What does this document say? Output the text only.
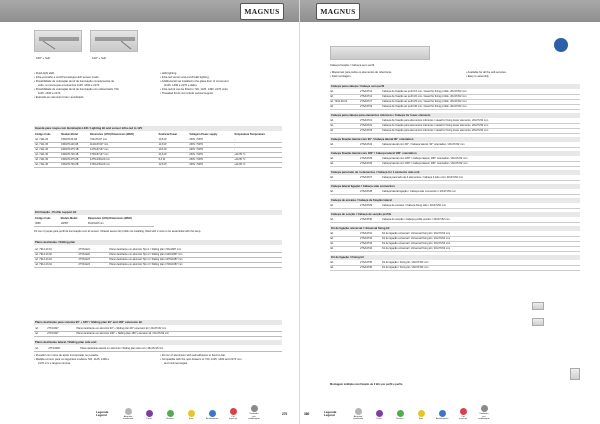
MAGNUS
180° + Soft	120° + Soft
• Flush-light LED.
• Infra-vermelho e on/off tecnologia LED 'sensor mode.
• Possibilidade de colocação de kit de iluminação complementar de
vidro, a mosca-que-movimentos 1125, 1490 e 2170.
• Possibilidade de colocação de kit de iluminação com alimentador 720,
1125, 1490 e 2170.
• Extrusão em alumínio bruto / anodizado.
• LED lighting.
• Infra-red sensor and on/off LED lighting.
• Additional kit set installed in the glass door of movement.
(1125, 1490 e 2170 e slide).
• Infra-red kit can be fitted to 720, 1125, 1490, 2170 units.
• Threaded lid do not include vertical support.
Gaveta para roupa com iluminação LED / Lighting kit and sensor infra-red to 12V
Código Code	Modelo Model	Dimensões (LPH) Dimensions (WHD)	Potência Power	Voltagem Power supply	Temperatura Temperature
ref. 7111.26	FDD27120.1B	720x37x67 mm	10,8 W	230V / 50Hz	-
ref. 7111.36	FDD271120.1B	1120x37x67 mm	14,8 W	230V / 50Hz	-
ref. 7111.36	FDD271475.1B	1475x37x67 mm	19,6 W	230V / 50Hz	-
ref. 7111.36	FDD271700.1B	1700x37x67 mm	24,6 W	230V / 50Hz	+21/35 °C
ref. 7111.36	FDD271475.2B	1475x135x23 mm	8,4 W	230V / 50Hz	+21/35 °C
ref. 7111.36	FDD271700.2B	1700x135x23 mm	12,8 W	230V / 50Hz	+21/35 °C
Kit Fixação - Profile support kit
Código Code	Modelo Model	Dimensões (LPH) Dimensions (WHD)
3058	14PBT	35x15x18 mm
Kit com 2 peças para perfil de iluminação com kit sensor. Infrared sensor kit profile not installing, fitted with 2 units to be assembled with the lamp.
Plano deslizante / Sliding plan
ref. 7914.23.31	27TA4121	Plano deslizante em alumínio Tipo 1 / Sliding plan 720x1687 mm
ref. 7914.23.32	27TA4122	Plano deslizante em alumínio Tipo 2 / Sliding plan 1120x1687 mm
ref. 7914.23.33	27TA4123	Plano deslizante em alumínio Tipo 3 / Sliding plan 1475x1687 mm
ref. 7914.23.34	27TA4124	Plano deslizante em alumínio Tipo 4 / Sliding plan 1700x1687 mm
Plano deslizante para sistema 90° + 180° / Sliding plan 90° and 180° extension kit
ref.	27TA3327	Plano deslizante em alumínio 90° + Sliding plan 90° extension kit / 20x37x52 mm
ref.	27TA3327	Plano deslizante em alumínio 180° + Sliding plan 180° extension kit / 20x37x52 mm
Plano deslizante lateral / Sliding plan side unit
ref.	27TA3328	Plano deslizante lateral em alumínio / Sliding plan side unit / 35x15x18 mm
• Puxador com rolos de apoio incorporado no puxador.
• Medida comum para os seguintes modelos 720, 1125, 1490 e
2170 mm e largura mínima.
• 30 mm of aluminium with self-adhesive to fixed to bar.
• Compatible with the new drawers to 720, 1125, 1490 and 2170 mm
and minimal angles.
Legenda
Legend	Alumínio anodizado	Preto	Branco	Inox	Acabamento
Cor especial
Unidades por embalagem
270
MAGNUS
Cabeça fixação / Cabeça sem perfil
• Disponível para todos os elementos de referência.
• Fácil montagem.
• Available for all the self-services.
• Easy to assembly.
Cabeça para cabeça / Cabeça sem perfil
ref.	27SA3712	Cabeça de fixação ao perfil 16 mm / Head for fixing profile, 20x37x52 mm
ref.	27SA3714	Cabeça de fixação ao perfil 20 mm / Head for fixing profile, 20x37x52 mm
ref. 7911.36.01	27SA3717	Cabeça de fixação ao perfil 25 mm / Head for fixing profile, 20x37x52 mm
ref.	27SA3719	Cabeça de fixação ao perfil 30 mm / Head for fixing profile, 20x37x52 mm
Cabeça para cabeça para elementos inferiores / Cabeça for lower elements
ref.	27SA3721	Cabeça de fixação para elementos inferiores / Head for fixing lower elements, 20x37x52 mm
ref.	27SA3722	Cabeça de fixação para elementos inferiores / Head for fixing lower elements, 20x37x52 mm
ref.	27SA3723	Cabeça de fixação para elementos inferiores / Head for fixing lower elements, 20x37x52 mm
Cabeça fixação lateral com 90° / Cabeça lateral 90° orientation
ref.	27SA3724	Cabeça lateral com 90° / Cabeça lateral, 90° orientation / 20x37x52 mm
Cabeça fixação lateral com 180° / Cabeça lateral 180° orientation
ref.	27SA3725	Cabeça lateral com 180° / Cabeça lateral, 180° orientation / 20x37x52 mm
ref.	27SA3726	Cabeça lateral com 180° / Cabeça lateral, 180° orientation / 20x37x52 mm
Cabeça para lado de 4 elementos / Cabeça for 4 elements side unit
ref.	27SA3727	Cabeça para lado de 4 elementos / Cabeça 4 side unit / 20x37x52 mm
Cabeça lateral ligação / Cabeça side connection
ref.	27SA3728	Cabeça lateral ligação / Cabeça side connection / 20x37x52 mm
Cabeça de encaixe / Cabeça de fixação lateral
ref.	27SA3729	Cabeça de encaixe / Cabeça fixing side / 20x37x52 mm
Cabeça de secção / Cabeça de secção profile
ref.	27SA3730	Cabeça de secção / Cabeça profile section / 20x37x52 mm
Kit de ligação universal / Universal fixing kit
ref.	27SA3731	Kit de ligação universal / Universal fixing kit / 20x37x52 mm
ref.	27SA3732	Kit de ligação universal / Universal fixing kit / 20x37x52 mm
ref.	27SA3733	Kit de ligação universal / Universal fixing kit / 20x37x52 mm
ref.	27SA3734	Kit de ligação universal / Universal fixing kit / 20x37x52 mm
Kit de ligação / Fixing kit
ref.	27SA3735	Kit de ligação / Fixing kit / 20x37x52 mm
ref.	27SA3736	Kit de ligação / Fixing kit / 20x37x52 mm
Montagem múltipla com fixação de 2 kits por perfil e perfis.
380
Legenda
Legend	Alumínio anodizado	Preto	Branco	Inox	Acabamento
Cor especial
Unidades por embalagem
